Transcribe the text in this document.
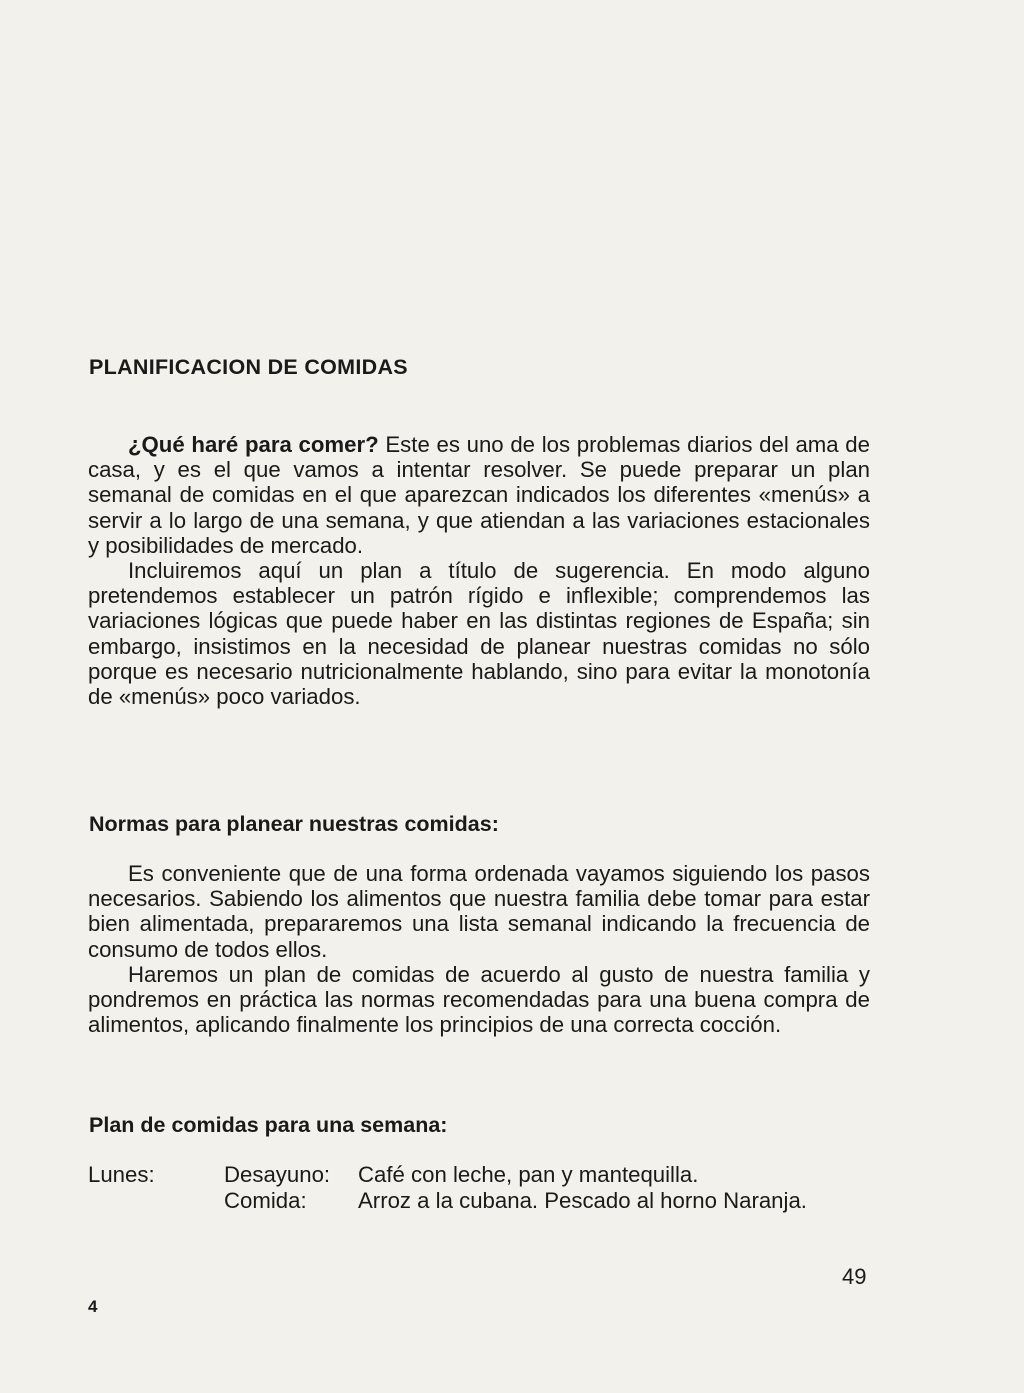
PLANIFICACION DE COMIDAS

¿Qué haré para comer? Este es uno de los problemas diarios del ama de casa, y es el que vamos a intentar resolver. Se puede preparar un plan semanal de comidas en el que aparezcan indicados los diferentes «menús» a servir a lo largo de una semana, y que atiendan a las variaciones estacionales y posibilidades de mercado.

Incluiremos aquí un plan a título de sugerencia. En modo alguno pretendemos establecer un patrón rígido e inflexible; comprendemos las variaciones lógicas que puede haber en las distintas regiones de España; sin embargo, insistimos en la necesidad de planear nuestras comidas no sólo porque es necesario nutricionalmente hablando, sino para evitar la monotonía de «menús» poco variados.

Normas para planear nuestras comidas:

Es conveniente que de una forma ordenada vayamos siguiendo los pasos necesarios. Sabiendo los alimentos que nuestra familia debe tomar para estar bien alimentada, prepararemos una lista semanal indicando la frecuencia de consumo de todos ellos.

Haremos un plan de comidas de acuerdo al gusto de nuestra familia y pondremos en práctica las normas recomendadas para una buena compra de alimentos, aplicando finalmente los principios de una correcta cocción.

Plan de comidas para una semana:
Lunes:	Desayuno: Café con leche, pan y mantequilla.
Comida: Arroz a la cubana. Pescado al horno Naranja.
49
4
